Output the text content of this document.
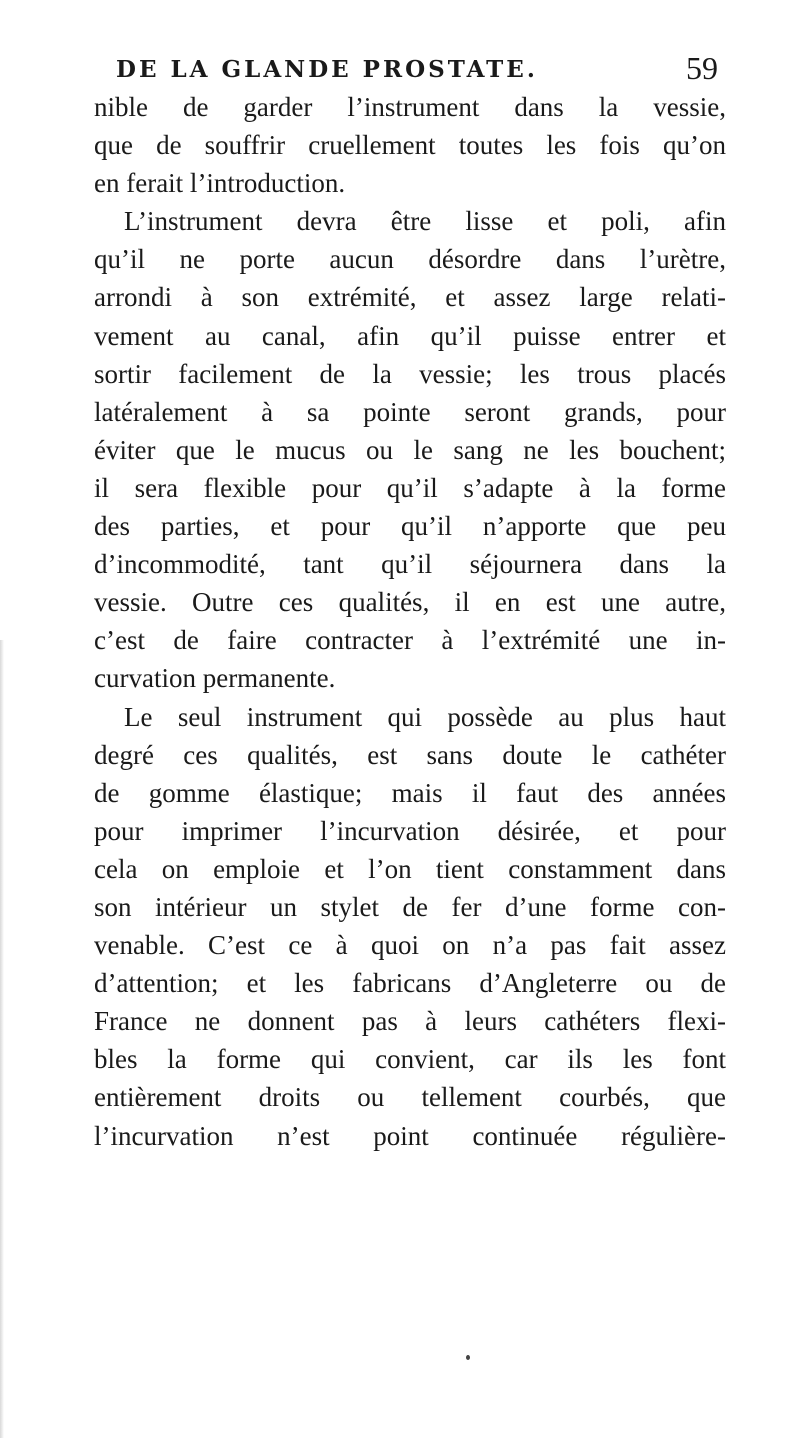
DE LA GLANDE PROSTATE.	59
nible de garder l’instrument dans la vessie,
que de souffrir cruellement toutes les fois qu’on
en ferait l’introduction.
L’instrument devra être lisse et poli, afin
qu’il ne porte aucun désordre dans l’urètre,
arrondi à son extrémité, et assez large relati-
vement au canal, afin qu’il puisse entrer et
sortir facilement de la vessie; les trous placés
latéralement à sa pointe seront grands, pour
éviter que le mucus ou le sang ne les bouchent;
il sera flexible pour qu’il s’adapte à la forme
des parties, et pour qu’il n’apporte que peu
d’incommodité, tant qu’il séjournera dans la
vessie. Outre ces qualités, il en est une autre,
c’est de faire contracter à l’extrémité une in-
curvation permanente.
Le seul instrument qui possède au plus haut
degré ces qualités, est sans doute le cathéter
de gomme élastique; mais il faut des années
pour imprimer l’incurvation désirée, et pour
cela on emploie et l’on tient constamment dans
son intérieur un stylet de fer d’une forme con-
venable. C’est ce à quoi on n’a pas fait assez
d’attention; et les fabricans d’Angleterre ou de
France ne donnent pas à leurs cathéters flexi-
bles la forme qui convient, car ils les font
entièrement droits ou tellement courbés, que
l’incurvation n’est point continuée régulière-
